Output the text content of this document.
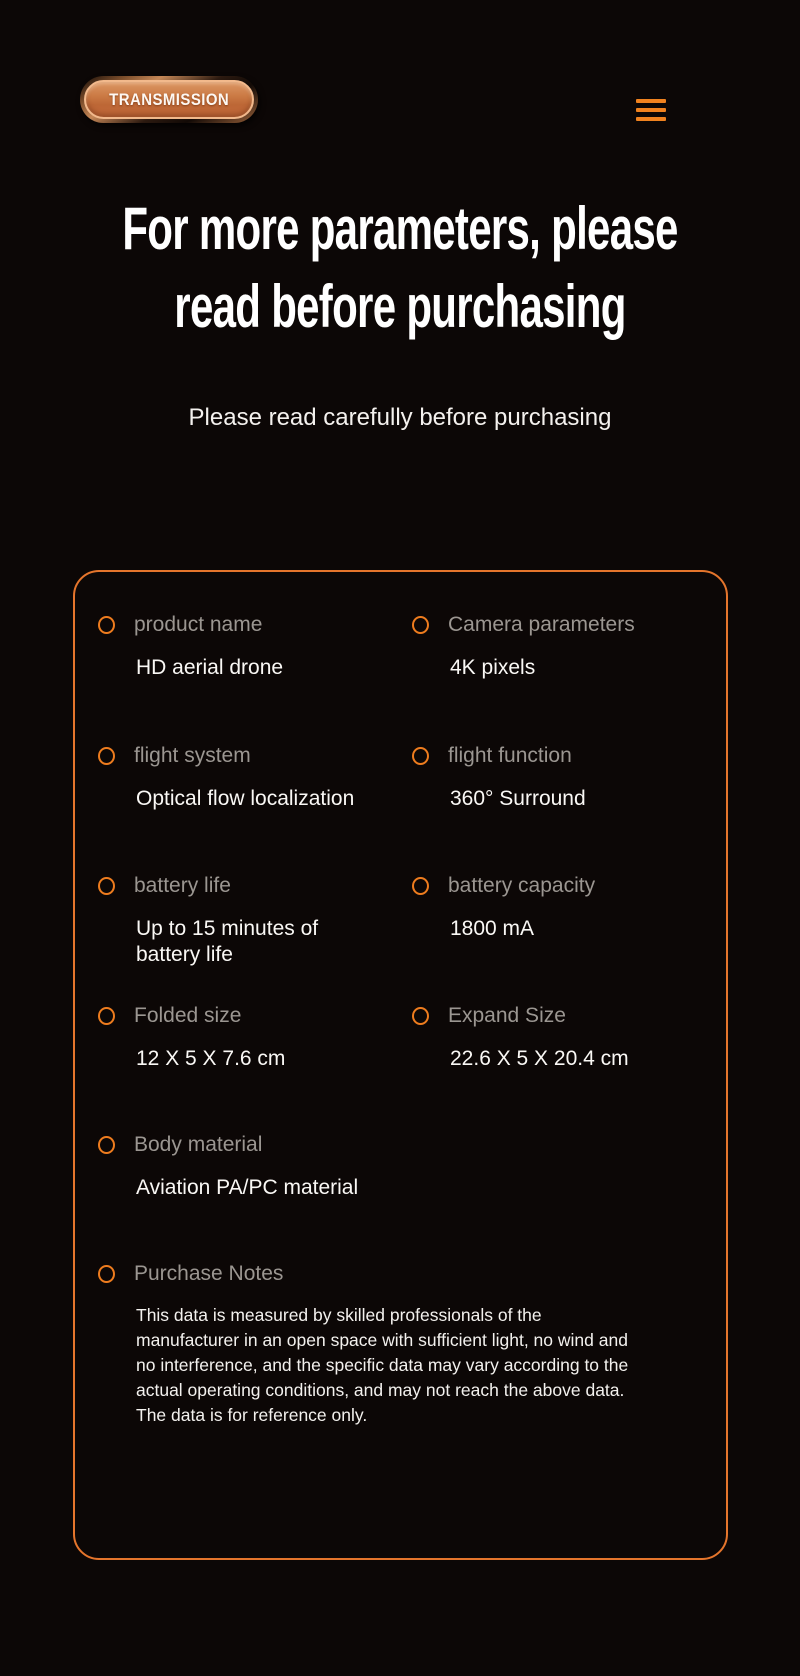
TRANSMISSION
For more parameters, please
read before purchasing

Please read carefully before purchasing

product name
HD aerial drone
Camera parameters
4K pixels
flight system
Optical flow localization
flight function
360° Surround
battery life
Up to 15 minutes of battery life
battery capacity
1800 mA
Folded size
12 X 5 X 7.6 cm
Expand Size
22.6 X 5 X 20.4 cm
Body material
Aviation PA/PC material
Purchase Notes
This data is measured by skilled professionals of the manufacturer in an open space with sufficient light, no wind and no interference, and the specific data may vary according to the actual operating conditions, and may not reach the above data. The data is for reference only.
